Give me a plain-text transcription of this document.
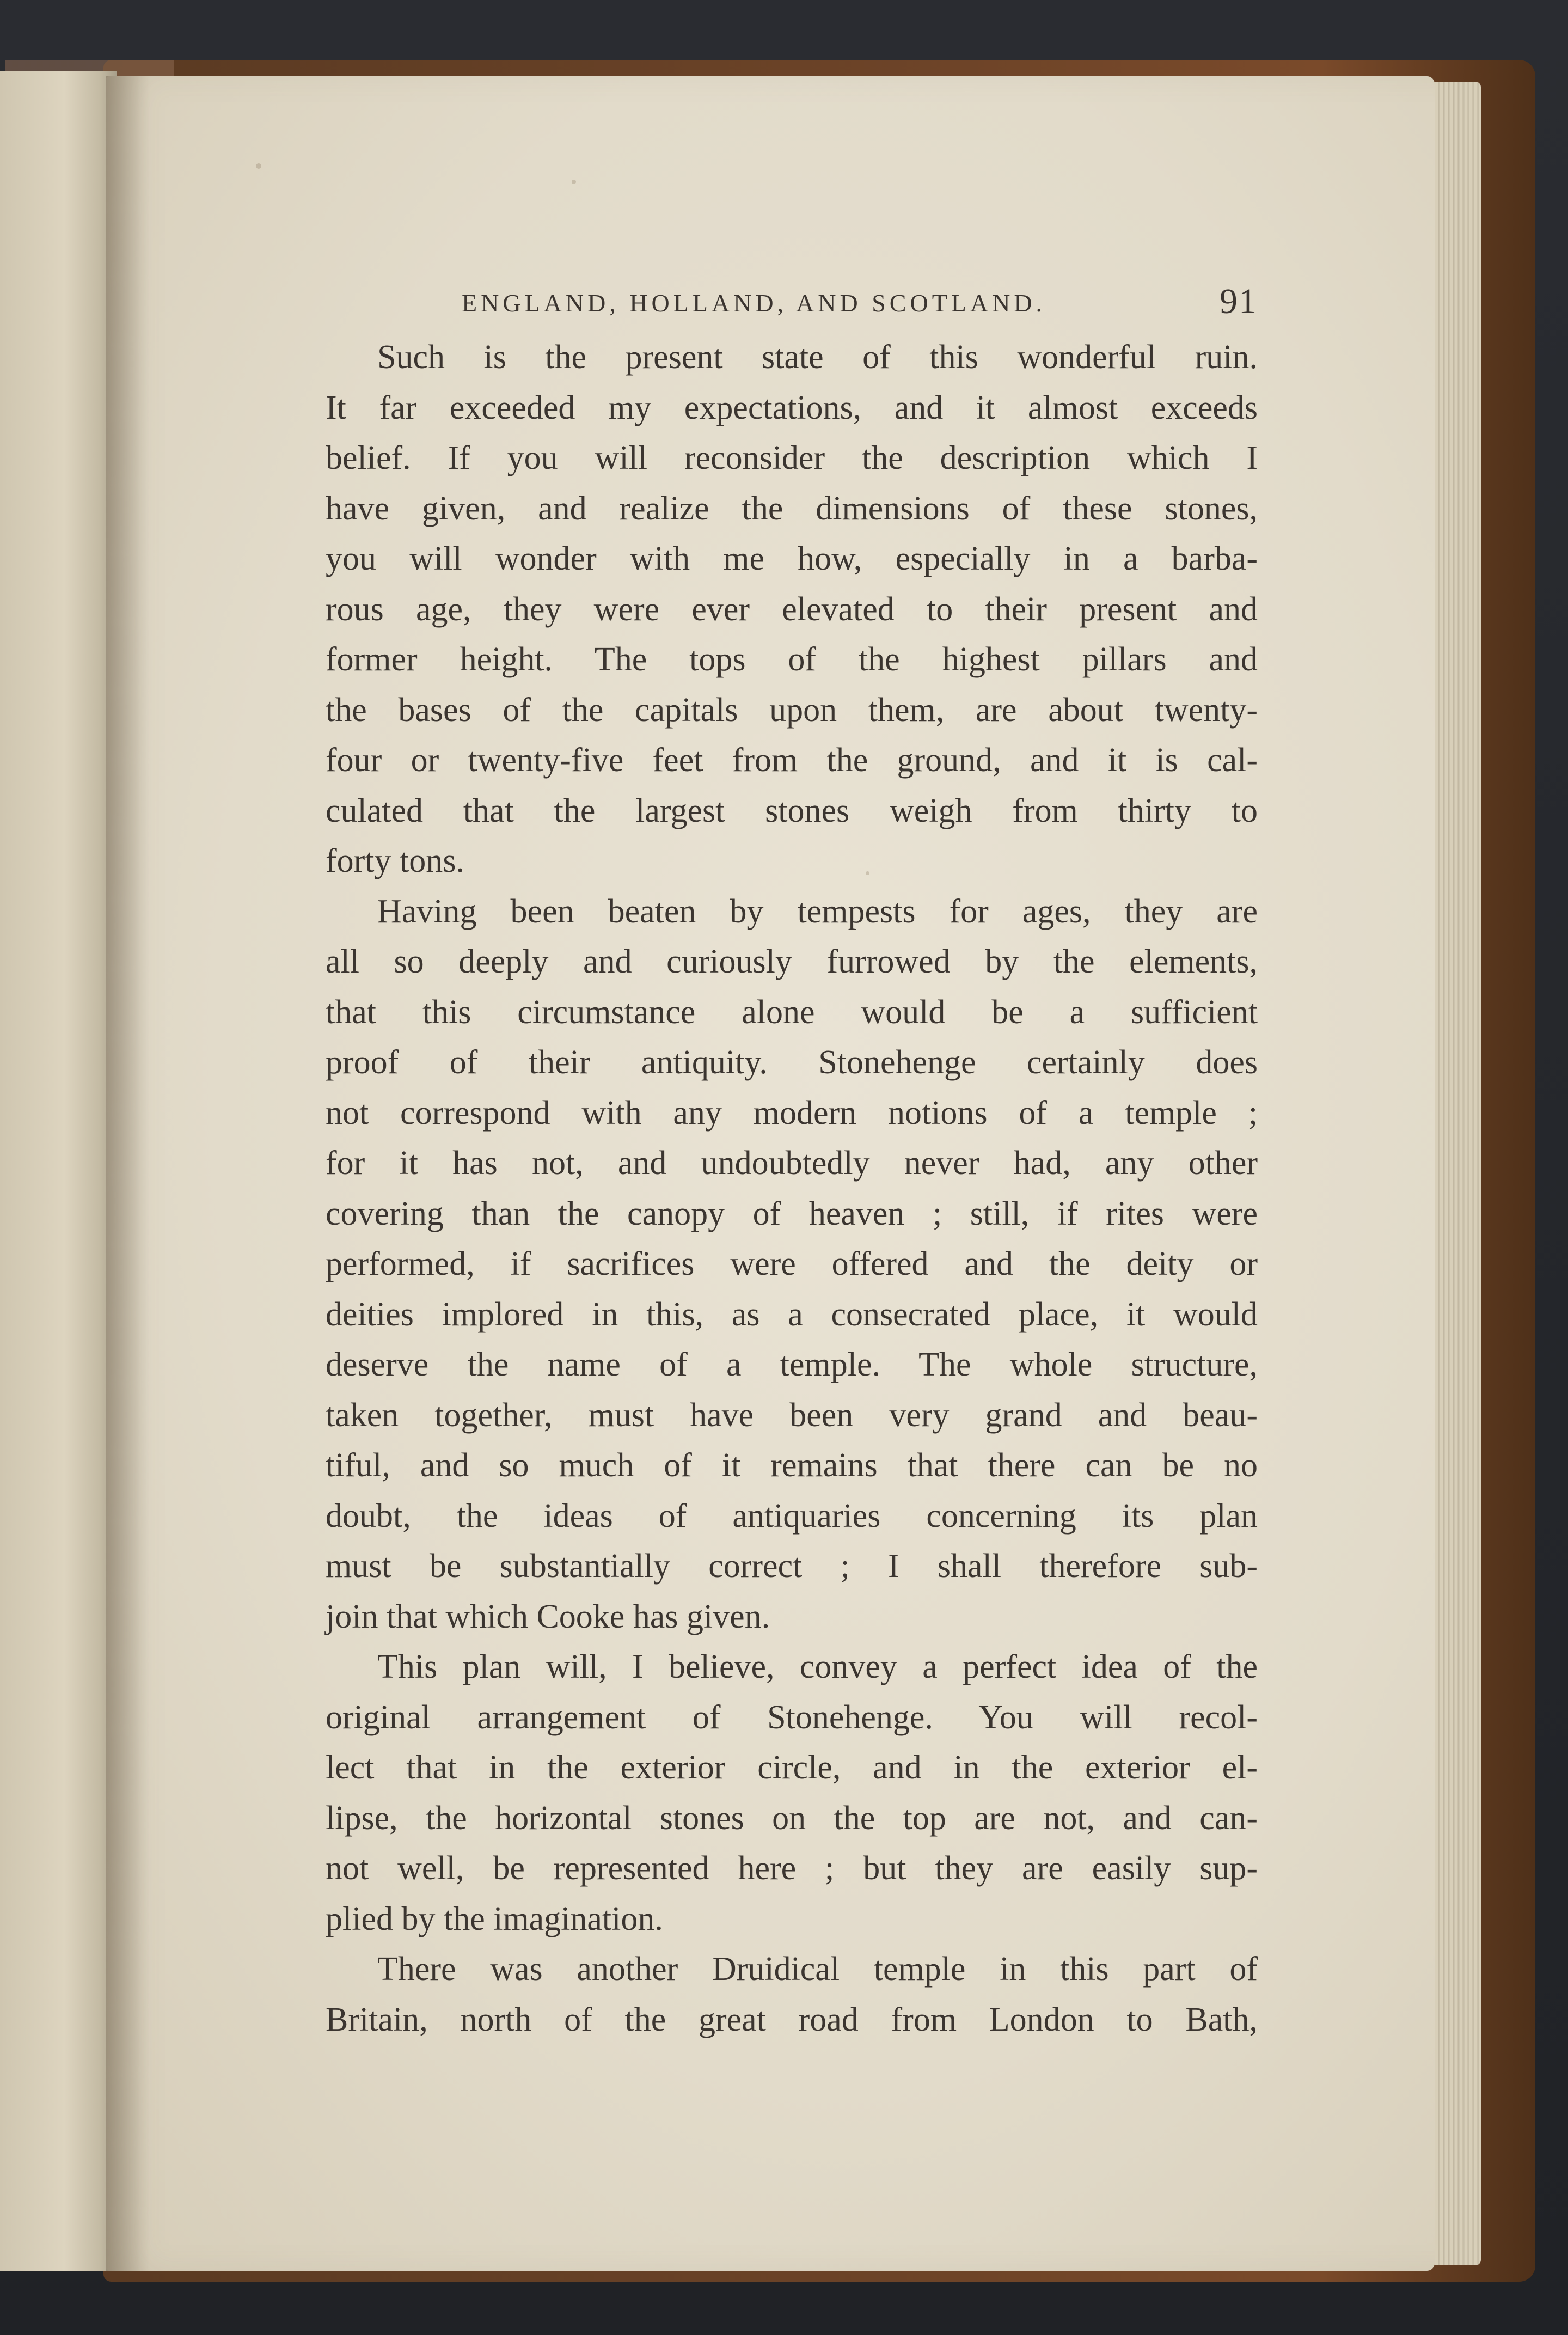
ENGLAND, HOLLAND, AND SCOTLAND.	91

Such is the present state of this wonderful ruin.
It far exceeded my expectations, and it almost exceeds
belief. If you will reconsider the description which I
have given, and realize the dimensions of these stones,
you will wonder with me how, especially in a barba-
rous age, they were ever elevated to their present and
former height. The tops of the highest pillars and
the bases of the capitals upon them, are about twenty-
four or twenty-five feet from the ground, and it is cal-
culated that the largest stones weigh from thirty to
forty tons.

Having been beaten by tempests for ages, they are
all so deeply and curiously furrowed by the elements,
that this circumstance alone would be a sufficient
proof of their antiquity. Stonehenge certainly does
not correspond with any modern notions of a temple ;
for it has not, and undoubtedly never had, any other
covering than the canopy of heaven ; still, if rites were
performed, if sacrifices were offered and the deity or
deities implored in this, as a consecrated place, it would
deserve the name of a temple. The whole structure,
taken together, must have been very grand and beau-
tiful, and so much of it remains that there can be no
doubt, the ideas of antiquaries concerning its plan
must be substantially correct ; I shall therefore sub-
join that which Cooke has given.

This plan will, I believe, convey a perfect idea of the
original arrangement of Stonehenge. You will recol-
lect that in the exterior circle, and in the exterior el-
lipse, the horizontal stones on the top are not, and can-
not well, be represented here ; but they are easily sup-
plied by the imagination.

There was another Druidical temple in this part of
Britain, north of the great road from London to Bath,
